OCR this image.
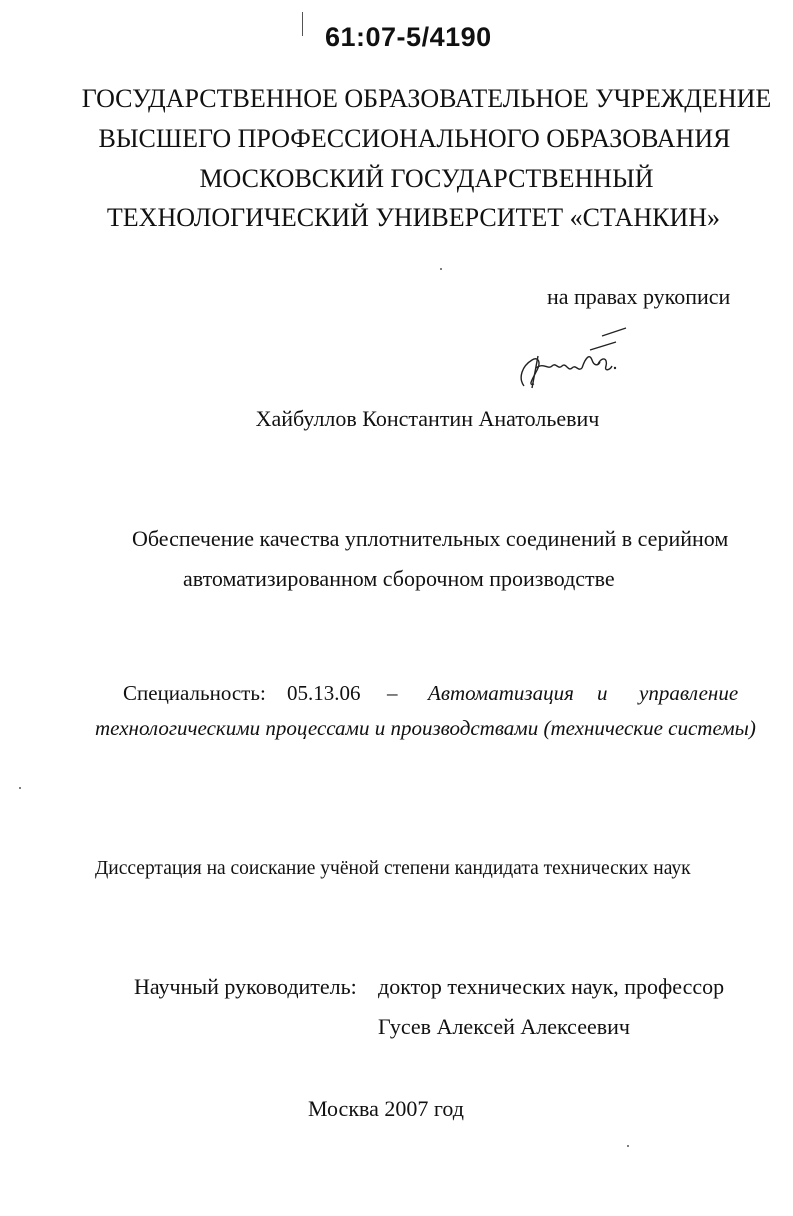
61:07-5/4190
ГОСУДАРСТВЕННОЕ ОБРАЗОВАТЕЛЬНОЕ УЧРЕЖДЕНИЕ
ВЫСШЕГО ПРОФЕССИОНАЛЬНОГО ОБРАЗОВАНИЯ
МОСКОВСКИЙ ГОСУДАРСТВЕННЫЙ
ТЕХНОЛОГИЧЕСКИЙ УНИВЕРСИТЕТ «СТАНКИН»
на правах рукописи
Хайбуллов Константин Анатольевич
Обеспечение качества уплотнительных соединений в серийном
автоматизированном сборочном производстве
Специальность: 05.13.06 – Автоматизация и управление
технологическими процессами и производствами (технические системы)
Диссертация на соискание учёной степени кандидата технических наук
Научный руководитель: доктор технических наук, профессор
Гусев Алексей Алексеевич
Москва 2007 год
